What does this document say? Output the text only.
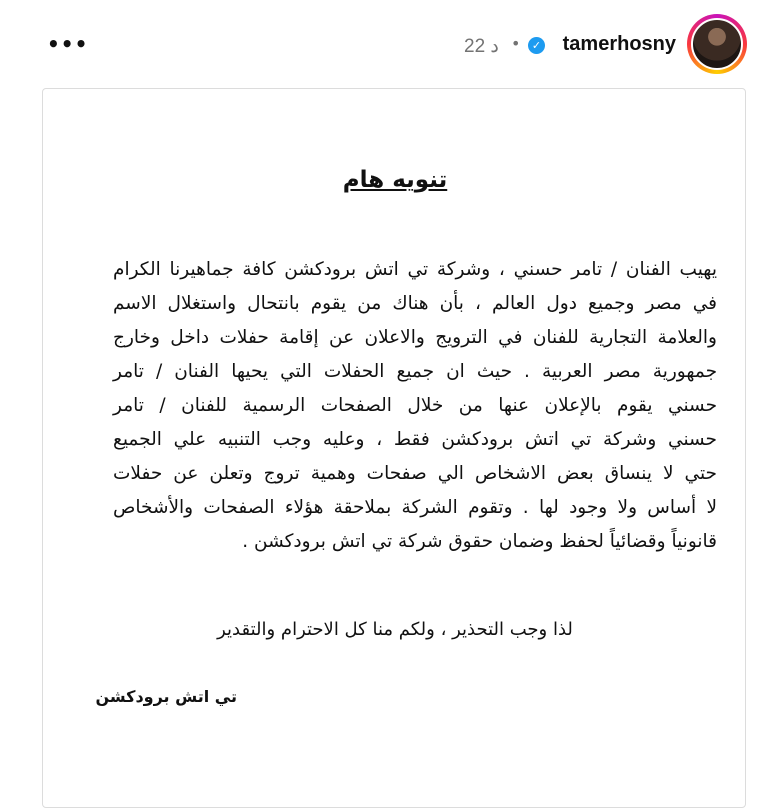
tamerhosny
✓
•
22 د
•••
تنويه هام
يهيب الفنان / تامر حسني ، وشركة تي اتش برودكشن كافة جماهيرنا الكرام
في مصر وجميع دول العالم ، بأن هناك من يقوم بانتحال واستغلال الاسم
والعلامة التجارية للفنان في الترويج والاعلان عن إقامة حفلات داخل وخارج
جمهورية مصر العربية . حيث ان جميع الحفلات التي يحيها الفنان / تامر
حسني يقوم بالإعلان عنها من خلال الصفحات الرسمية للفنان / تامر
حسني وشركة تي اتش برودكشن فقط ، وعليه وجب التنبيه علي الجميع
حتي لا ينساق بعض الاشخاص الي صفحات وهمية تروج وتعلن عن حفلات
لا أساس ولا وجود لها . وتقوم الشركة بملاحقة هؤلاء الصفحات والأشخاص
قانونياً وقضائياً لحفظ وضمان حقوق شركة تي اتش برودكشن .
لذا وجب التحذير ، ولكم منا كل الاحترام والتقدير
تي اتش برودكشن
